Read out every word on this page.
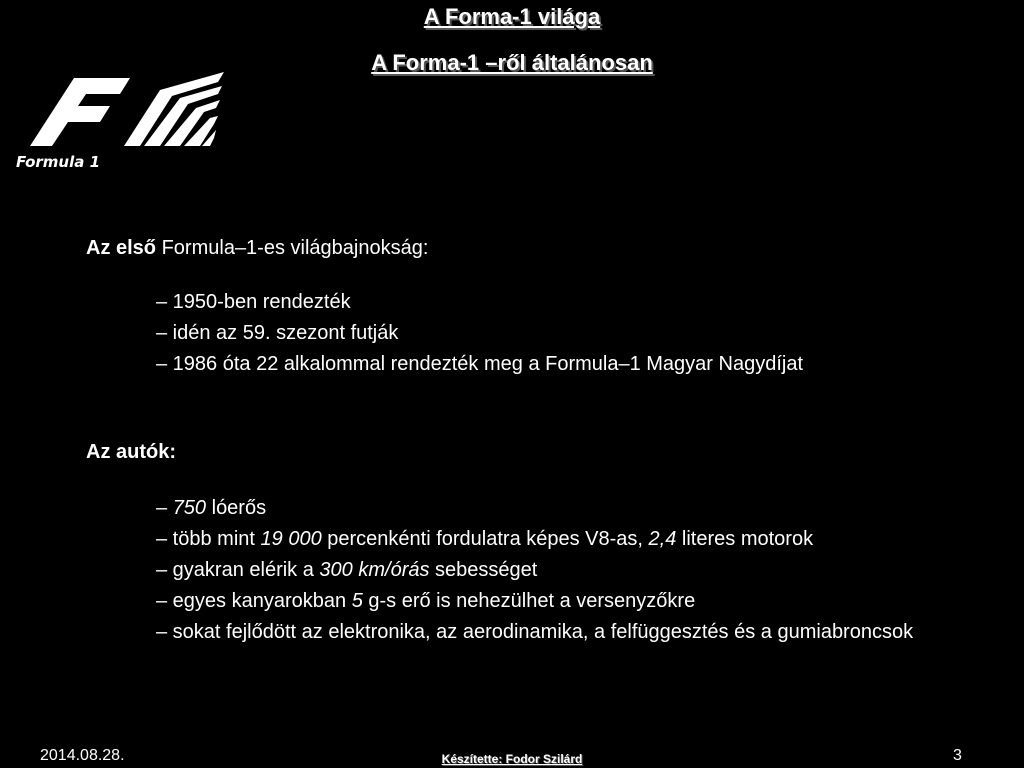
A Forma-1 világa
A Forma-1 –ről általánosan
Formula 1
Az első Formula–1-es világbajnokság:
– 1950-ben rendezték
– idén az 59. szezont futják
– 1986 óta 22 alkalommal rendezték meg a Formula–1 Magyar Nagydíjat
Az autók:
– 750 lóerős
– több mint 19 000 percenkénti fordulatra képes V8-as, 2,4 literes motorok
– gyakran elérik a 300 km/órás sebességet
– egyes kanyarokban 5 g-s erő is nehezülhet a versenyzőkre
– sokat fejlődött az elektronika, az aerodinamika, a felfüggesztés és a gumiabroncsok
2014.08.28.	Készítette: Fodor Szilárd	3
